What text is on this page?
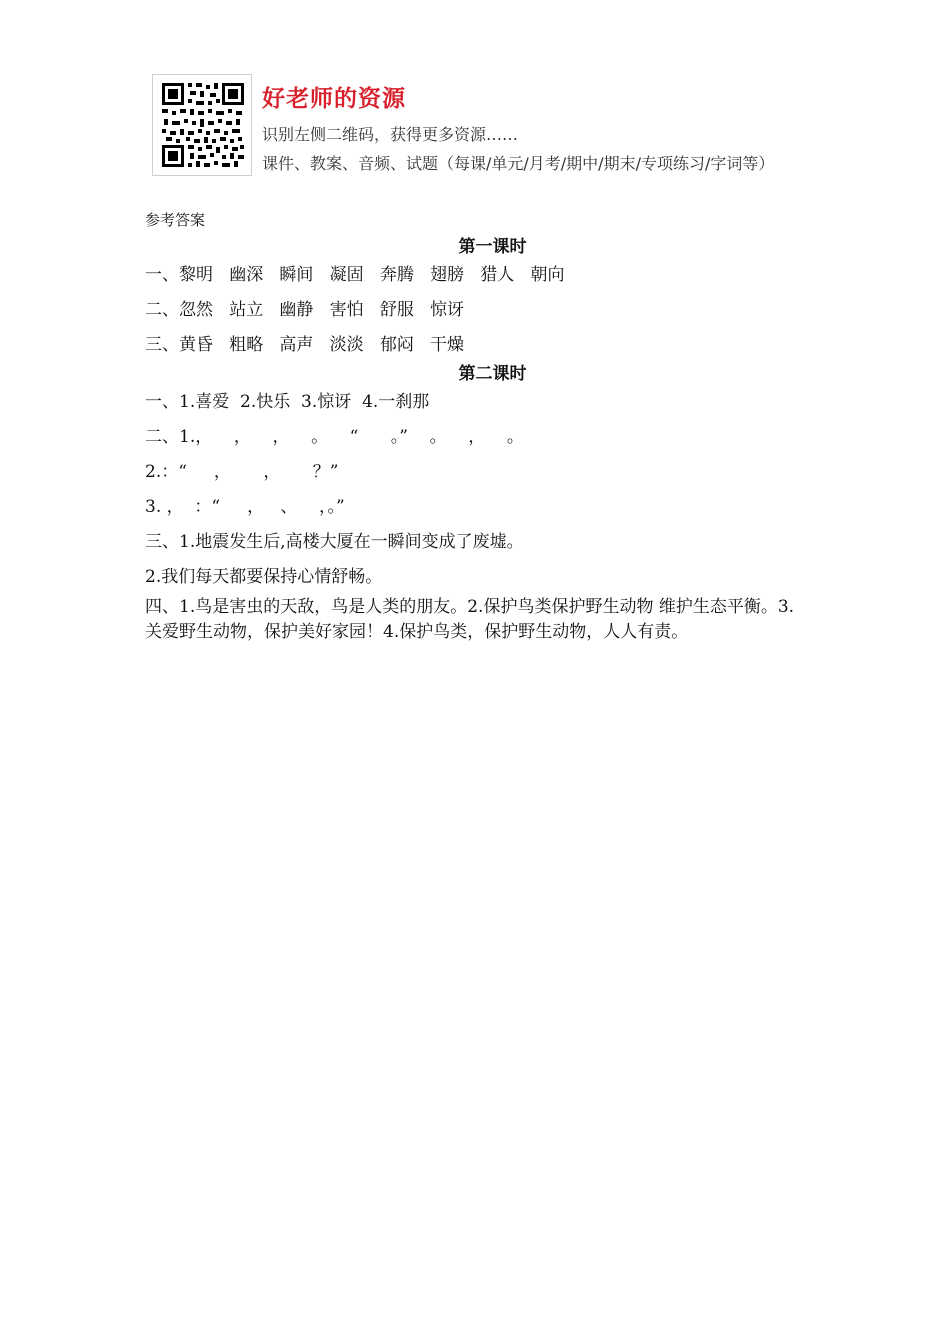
好老师的资源
识别左侧二维码，获得更多资源……
课件、教案、音频、试题（每课/单元/月考/期中/期末/专项练习/字词等）
参考答案
第一课时
一、黎明   幽深   瞬间   凝固   奔腾   翅膀   猎人   朝向
二、忽然   站立   幽静   害怕   舒服   惊讶
三、黄昏   粗略   高声   淡淡   郁闷   干燥
第二课时
一、1.喜爱  2.快乐  3.惊讶  4.一刹那
二、1.，    ，    ，    。    “      。”    。    ，    。
2.：“     ，      ，      ？”
3. ，  ：“     ，   、    ，。”
三、1.地震发生后,高楼大厦在一瞬间变成了废墟。
2.我们每天都要保持心情舒畅。

四、1.鸟是害虫的天敌，鸟是人类的朋友。2.保护鸟类保护野生动物 维护生态平衡。3.关爱野生动物，保护美好家园！4.保护鸟类，保护野生动物，人人有责。
